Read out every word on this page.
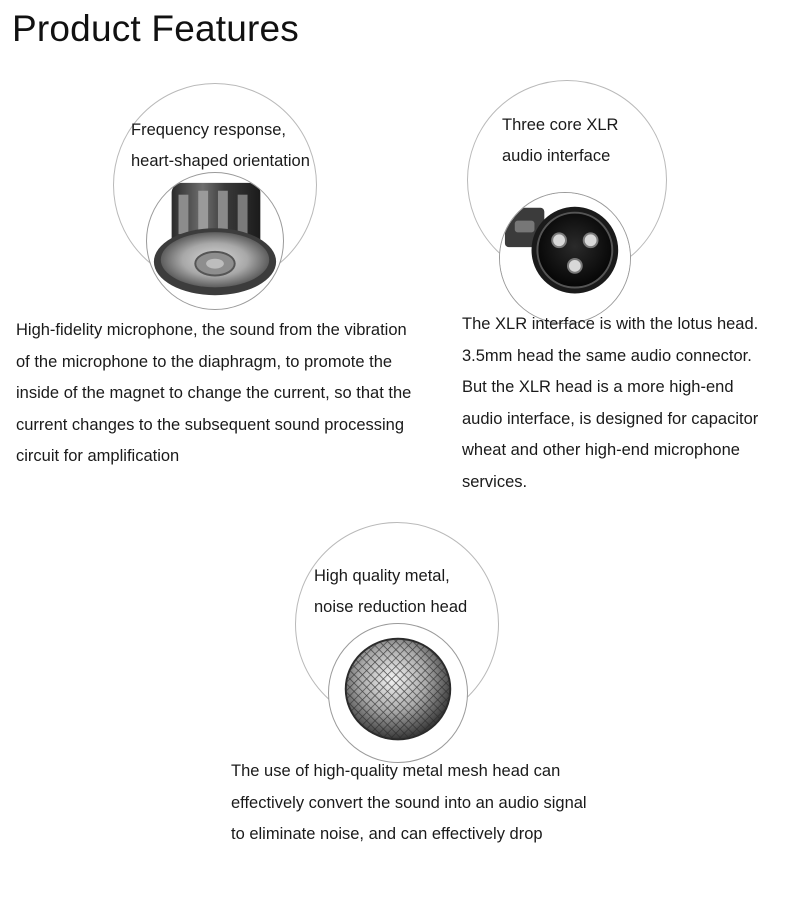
Product Features
Frequency response,
heart-shaped orientation
High-fidelity microphone, the sound from the vibration
of the microphone to the diaphragm, to promote the
inside of the magnet to change the current, so that the
current changes to the subsequent sound processing
circuit for amplification
Three core XLR
audio interface
The XLR interface is with the lotus head.
3.5mm head the same audio connector.
But the XLR head is a more high-end
audio interface, is designed for capacitor
wheat and other high-end microphone
services.
High quality metal,
noise reduction head
The use of high-quality metal mesh head can
effectively convert the sound into an audio signal
to eliminate noise, and can effectively drop
